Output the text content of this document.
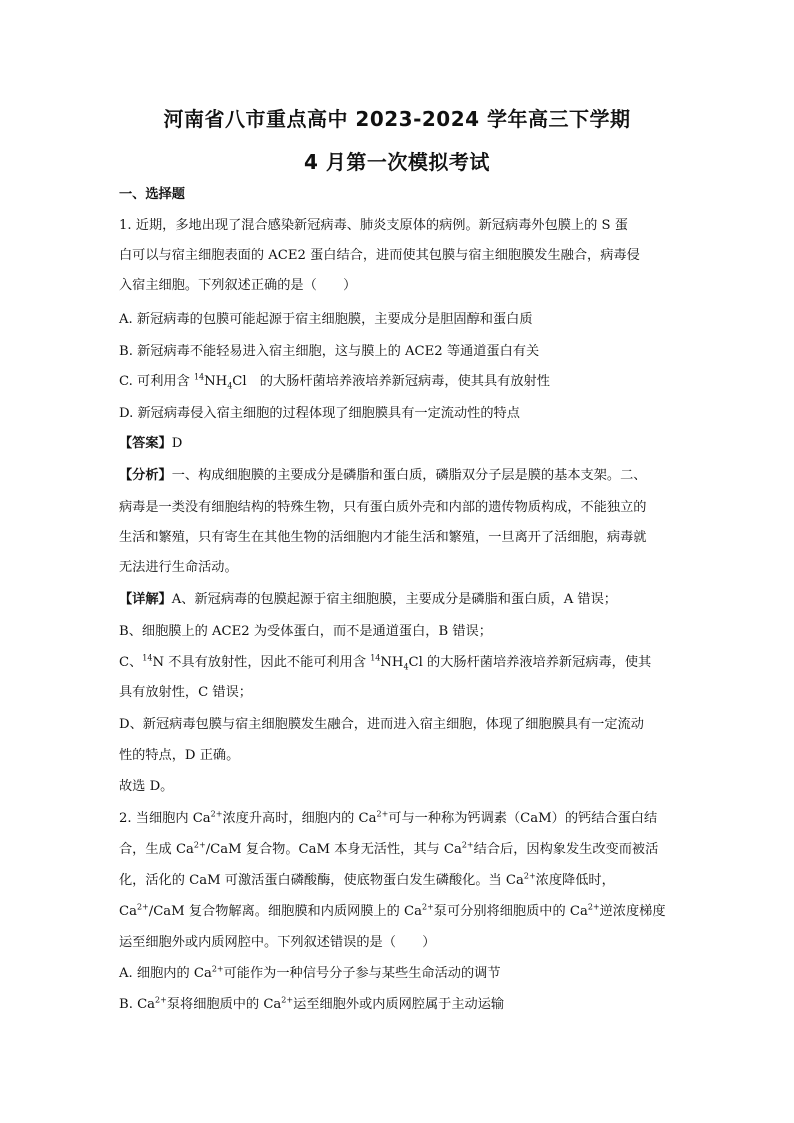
河南省八市重点高中 2023-2024 学年高三下学期
4 月第一次模拟考试
一、选择题
1. 近期，多地出现了混合感染新冠病毒、肺炎支原体的病例。新冠病毒外包膜上的 S 蛋
白可以与宿主细胞表面的 ACE2 蛋白结合，进而使其包膜与宿主细胞膜发生融合，病毒侵
入宿主细胞。下列叙述正确的是（　　）
A. 新冠病毒的包膜可能起源于宿主细胞膜，主要成分是胆固醇和蛋白质
B. 新冠病毒不能轻易进入宿主细胞，这与膜上的 ACE2 等通道蛋白有关
C. 可利用含 $^{14}NH_4Cl$　的大肠杆菌培养液培养新冠病毒，使其具有放射性
D. 新冠病毒侵入宿主细胞的过程体现了细胞膜具有一定流动性的特点
【答案】D
【分析】一、构成细胞膜的主要成分是磷脂和蛋白质，磷脂双分子层是膜的基本支架。二、
病毒是一类没有细胞结构的特殊生物，只有蛋白质外壳和内部的遗传物质构成，不能独立的
生活和繁殖，只有寄生在其他生物的活细胞内才能生活和繁殖，一旦离开了活细胞，病毒就
无法进行生命活动。
【详解】A、新冠病毒的包膜起源于宿主细胞膜，主要成分是磷脂和蛋白质，A 错误；
B、细胞膜上的 ACE2 为受体蛋白，而不是通道蛋白，B 错误；
C、$^{14}$N 不具有放射性，因此不能可利用含 $^{14}NH_4Cl$ 的大肠杆菌培养液培养新冠病毒，使其
具有放射性，C 错误；
D、新冠病毒包膜与宿主细胞膜发生融合，进而进入宿主细胞，体现了细胞膜具有一定流动
性的特点，D 正确。
故选 D。
2. 当细胞内 $Ca^{2+}$浓度升高时，细胞内的 $Ca^{2+}$可与一种称为钙调素（CaM）的钙结合蛋白结
合，生成 $Ca^{2+}$/CaM 复合物。CaM 本身无活性，其与 $Ca^{2+}$结合后，因构象发生改变而被活
化，活化的 CaM 可激活蛋白磷酸酶，使底物蛋白发生磷酸化。当 $Ca^{2+}$浓度降低时，
$Ca^{2+}$/CaM 复合物解离。细胞膜和内质网膜上的 $Ca^{2+}$泵可分别将细胞质中的 $Ca^{2+}$逆浓度梯度
运至细胞外或内质网腔中。下列叙述错误的是（　　）
A. 细胞内的 $Ca^{2+}$可能作为一种信号分子参与某些生命活动的调节
B. $Ca^{2+}$泵将细胞质中的 $Ca^{2+}$运至细胞外或内质网腔属于主动运输
